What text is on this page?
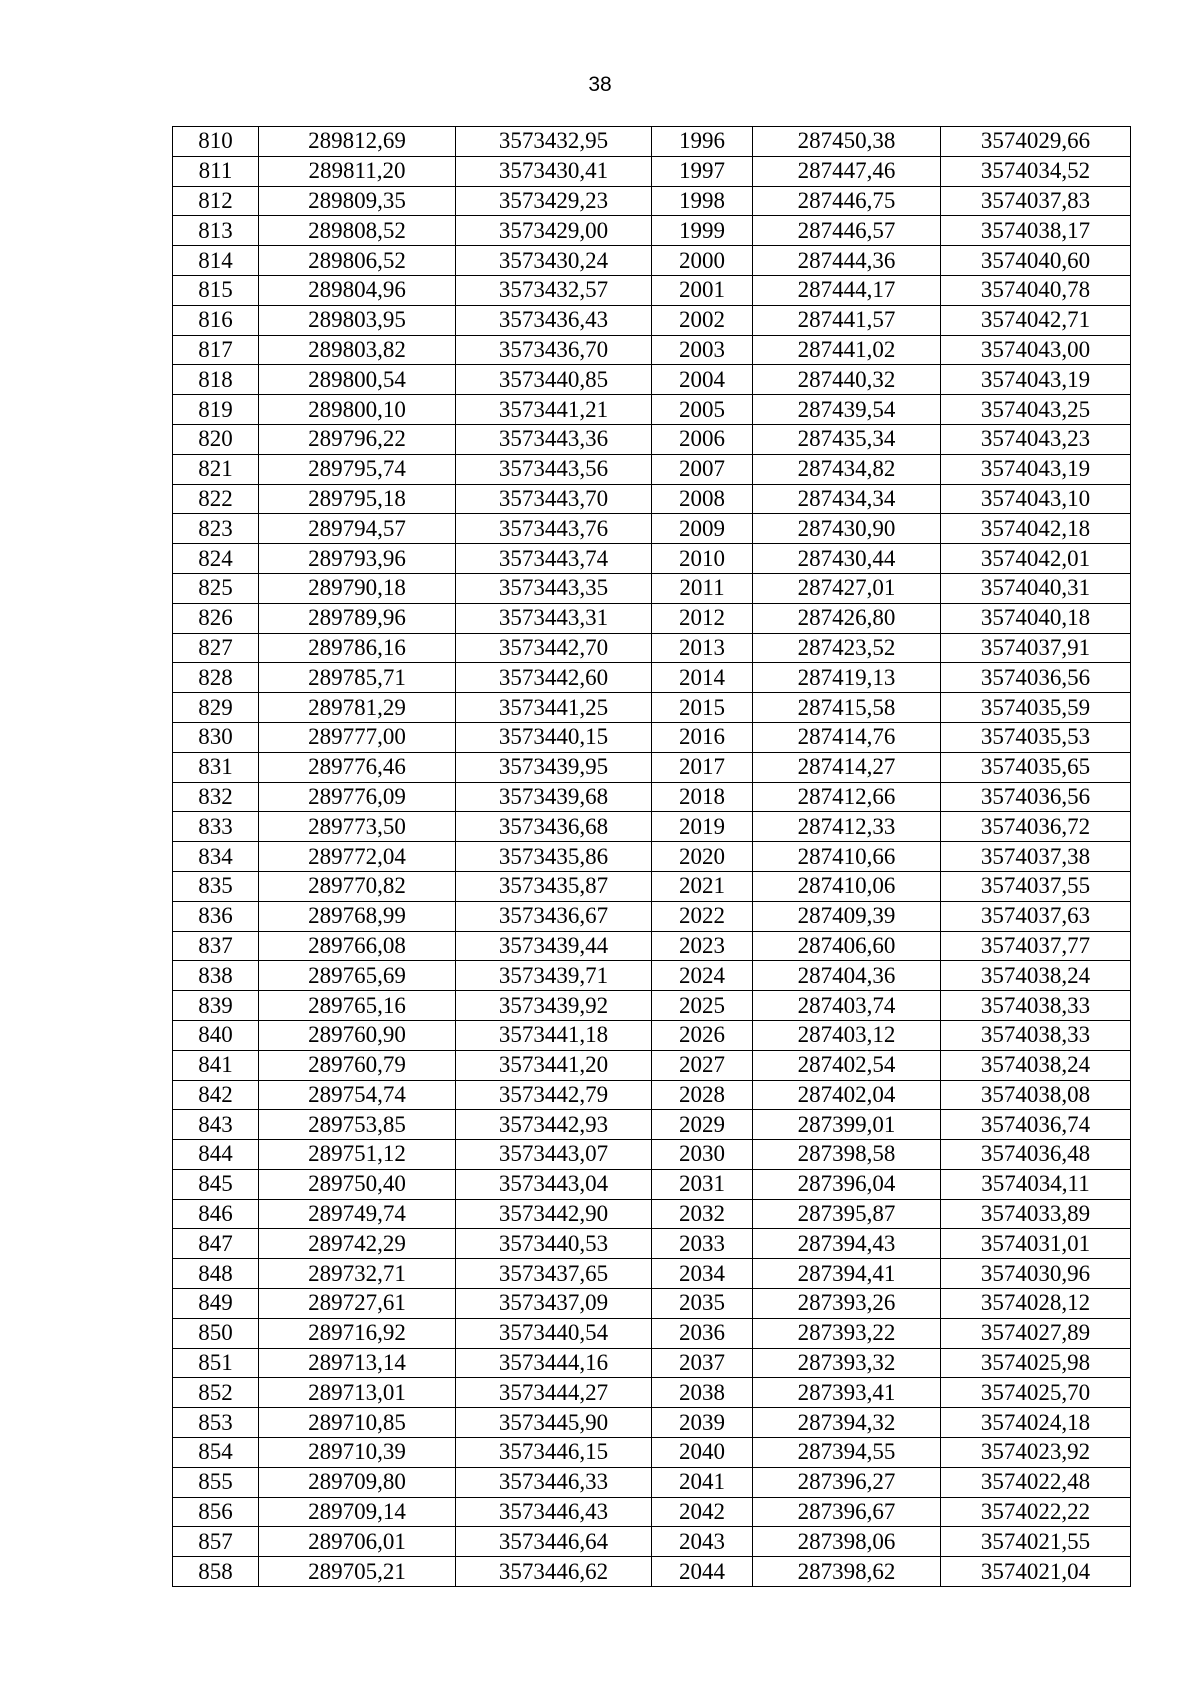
38
810	289812,69	3573432,95	1996	287450,38	3574029,66
811	289811,20	3573430,41	1997	287447,46	3574034,52
812	289809,35	3573429,23	1998	287446,75	3574037,83
813	289808,52	3573429,00	1999	287446,57	3574038,17
814	289806,52	3573430,24	2000	287444,36	3574040,60
815	289804,96	3573432,57	2001	287444,17	3574040,78
816	289803,95	3573436,43	2002	287441,57	3574042,71
817	289803,82	3573436,70	2003	287441,02	3574043,00
818	289800,54	3573440,85	2004	287440,32	3574043,19
819	289800,10	3573441,21	2005	287439,54	3574043,25
820	289796,22	3573443,36	2006	287435,34	3574043,23
821	289795,74	3573443,56	2007	287434,82	3574043,19
822	289795,18	3573443,70	2008	287434,34	3574043,10
823	289794,57	3573443,76	2009	287430,90	3574042,18
824	289793,96	3573443,74	2010	287430,44	3574042,01
825	289790,18	3573443,35	2011	287427,01	3574040,31
826	289789,96	3573443,31	2012	287426,80	3574040,18
827	289786,16	3573442,70	2013	287423,52	3574037,91
828	289785,71	3573442,60	2014	287419,13	3574036,56
829	289781,29	3573441,25	2015	287415,58	3574035,59
830	289777,00	3573440,15	2016	287414,76	3574035,53
831	289776,46	3573439,95	2017	287414,27	3574035,65
832	289776,09	3573439,68	2018	287412,66	3574036,56
833	289773,50	3573436,68	2019	287412,33	3574036,72
834	289772,04	3573435,86	2020	287410,66	3574037,38
835	289770,82	3573435,87	2021	287410,06	3574037,55
836	289768,99	3573436,67	2022	287409,39	3574037,63
837	289766,08	3573439,44	2023	287406,60	3574037,77
838	289765,69	3573439,71	2024	287404,36	3574038,24
839	289765,16	3573439,92	2025	287403,74	3574038,33
840	289760,90	3573441,18	2026	287403,12	3574038,33
841	289760,79	3573441,20	2027	287402,54	3574038,24
842	289754,74	3573442,79	2028	287402,04	3574038,08
843	289753,85	3573442,93	2029	287399,01	3574036,74
844	289751,12	3573443,07	2030	287398,58	3574036,48
845	289750,40	3573443,04	2031	287396,04	3574034,11
846	289749,74	3573442,90	2032	287395,87	3574033,89
847	289742,29	3573440,53	2033	287394,43	3574031,01
848	289732,71	3573437,65	2034	287394,41	3574030,96
849	289727,61	3573437,09	2035	287393,26	3574028,12
850	289716,92	3573440,54	2036	287393,22	3574027,89
851	289713,14	3573444,16	2037	287393,32	3574025,98
852	289713,01	3573444,27	2038	287393,41	3574025,70
853	289710,85	3573445,90	2039	287394,32	3574024,18
854	289710,39	3573446,15	2040	287394,55	3574023,92
855	289709,80	3573446,33	2041	287396,27	3574022,48
856	289709,14	3573446,43	2042	287396,67	3574022,22
857	289706,01	3573446,64	2043	287398,06	3574021,55
858	289705,21	3573446,62	2044	287398,62	3574021,04
